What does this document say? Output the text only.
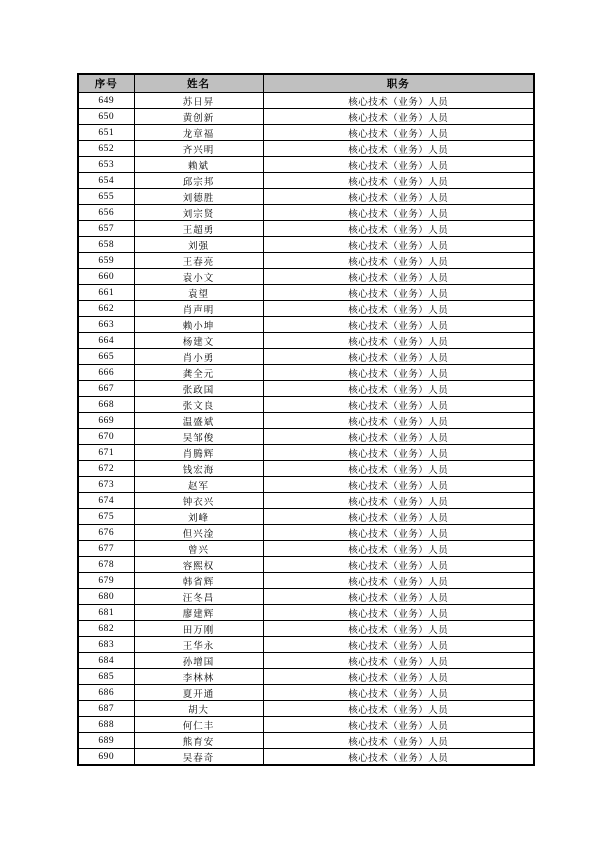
序号	姓名	职务
649	苏日昇	核心技术（业务）人员
650	黄创新	核心技术（业务）人员
651	龙章福	核心技术（业务）人员
652	齐兴明	核心技术（业务）人员
653	赖斌	核心技术（业务）人员
654	邱宗邦	核心技术（业务）人员
655	刘德胜	核心技术（业务）人员
656	刘宗贤	核心技术（业务）人员
657	王超勇	核心技术（业务）人员
658	刘强	核心技术（业务）人员
659	王春亮	核心技术（业务）人员
660	袁小文	核心技术（业务）人员
661	袁望	核心技术（业务）人员
662	肖声明	核心技术（业务）人员
663	赖小坤	核心技术（业务）人员
664	杨建文	核心技术（业务）人员
665	肖小勇	核心技术（业务）人员
666	龚全元	核心技术（业务）人员
667	张政国	核心技术（业务）人员
668	张文良	核心技术（业务）人员
669	温盛斌	核心技术（业务）人员
670	吴邹俊	核心技术（业务）人员
671	肖腾辉	核心技术（业务）人员
672	钱宏海	核心技术（业务）人员
673	赵军	核心技术（业务）人员
674	钟衣兴	核心技术（业务）人员
675	刘峰	核心技术（业务）人员
676	但兴淦	核心技术（业务）人员
677	曾兴	核心技术（业务）人员
678	容熙权	核心技术（业务）人员
679	韩省辉	核心技术（业务）人员
680	汪冬昌	核心技术（业务）人员
681	廖建辉	核心技术（业务）人员
682	田万刚	核心技术（业务）人员
683	王华永	核心技术（业务）人员
684	孙增国	核心技术（业务）人员
685	李林林	核心技术（业务）人员
686	夏开通	核心技术（业务）人员
687	胡大	核心技术（业务）人员
688	何仁丰	核心技术（业务）人员
689	熊育安	核心技术（业务）人员
690	吴春奇	核心技术（业务）人员
